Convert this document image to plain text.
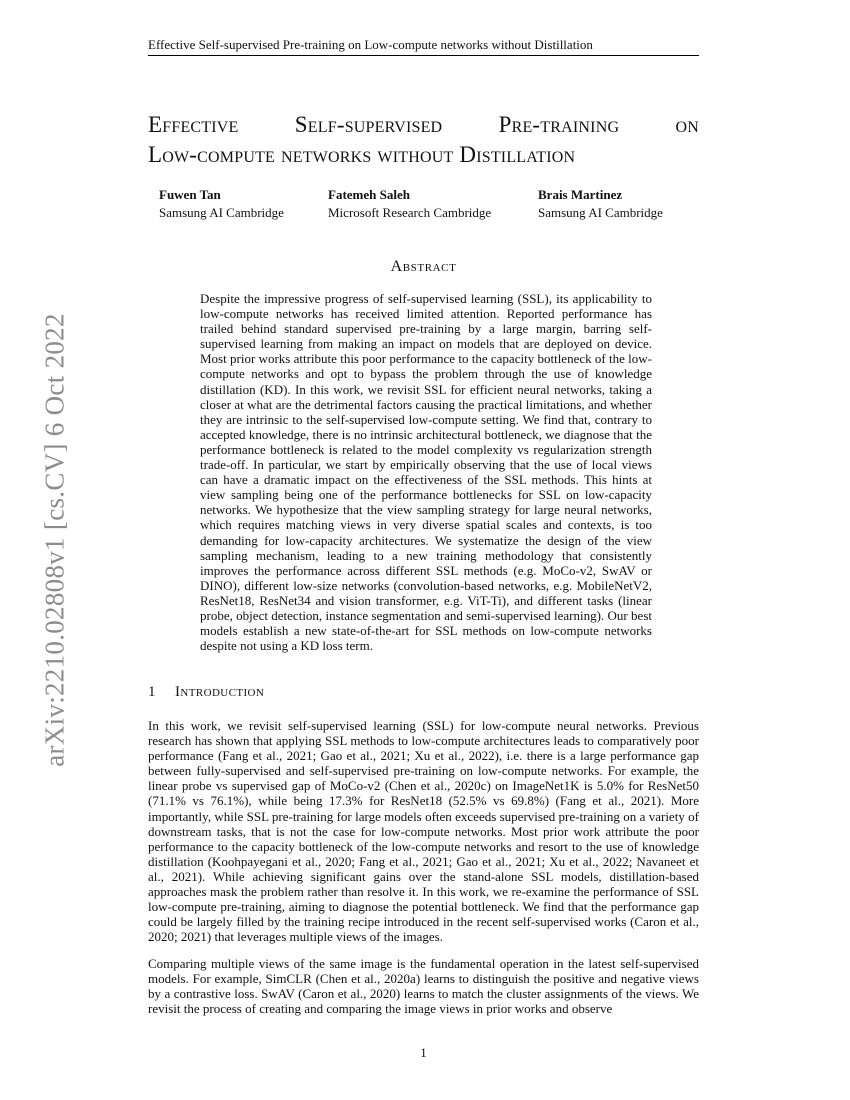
Effective Self-supervised Pre-training on Low-compute networks without Distillation
Effective Self-supervised Pre-training on
Low-compute networks without Distillation
Fuwen Tan
Samsung AI Cambridge
Fatemeh Saleh
Microsoft Research Cambridge
Brais Martinez
Samsung AI Cambridge
arXiv:2210.02808v1 [cs.CV] 6 Oct 2022
Abstract

Despite the impressive progress of self-supervised learning (SSL), its applicability to low-compute networks has received limited attention. Reported performance has trailed behind standard supervised pre-training by a large margin, barring self-supervised learning from making an impact on models that are deployed on device. Most prior works attribute this poor performance to the capacity bottleneck of the low-compute networks and opt to bypass the problem through the use of knowledge distillation (KD). In this work, we revisit SSL for efficient neural networks, taking a closer at what are the detrimental factors causing the practical limitations, and whether they are intrinsic to the self-supervised low-compute setting. We find that, contrary to accepted knowledge, there is no intrinsic architectural bottleneck, we diagnose that the performance bottleneck is related to the model complexity vs regularization strength trade-off. In particular, we start by empirically observing that the use of local views can have a dramatic impact on the effectiveness of the SSL methods. This hints at view sampling being one of the performance bottlenecks for SSL on low-capacity networks. We hypothesize that the view sampling strategy for large neural networks, which requires matching views in very diverse spatial scales and contexts, is too demanding for low-capacity architectures. We systematize the design of the view sampling mechanism, leading to a new training methodology that consistently improves the performance across different SSL methods (e.g. MoCo-v2, SwAV or DINO), different low-size networks (convolution-based networks, e.g. MobileNetV2, ResNet18, ResNet34 and vision transformer, e.g. ViT-Ti), and different tasks (linear probe, object detection, instance segmentation and semi-supervised learning). Our best models establish a new state-of-the-art for SSL methods on low-compute networks despite not using a KD loss term.

1 Introduction

In this work, we revisit self-supervised learning (SSL) for low-compute neural networks. Previous research has shown that applying SSL methods to low-compute architectures leads to comparatively poor performance (Fang et al., 2021; Gao et al., 2021; Xu et al., 2022), i.e. there is a large performance gap between fully-supervised and self-supervised pre-training on low-compute networks. For example, the linear probe vs supervised gap of MoCo-v2 (Chen et al., 2020c) on ImageNet1K is 5.0% for ResNet50 (71.1% vs 76.1%), while being 17.3% for ResNet18 (52.5% vs 69.8%) (Fang et al., 2021). More importantly, while SSL pre-training for large models often exceeds supervised pre-training on a variety of downstream tasks, that is not the case for low-compute networks. Most prior work attribute the poor performance to the capacity bottleneck of the low-compute networks and resort to the use of knowledge distillation (Koohpayegani et al., 2020; Fang et al., 2021; Gao et al., 2021; Xu et al., 2022; Navaneet et al., 2021). While achieving significant gains over the stand-alone SSL models, distillation-based approaches mask the problem rather than resolve it. In this work, we re-examine the performance of SSL low-compute pre-training, aiming to diagnose the potential bottleneck. We find that the performance gap could be largely filled by the training recipe introduced in the recent self-supervised works (Caron et al., 2020; 2021) that leverages multiple views of the images.

Comparing multiple views of the same image is the fundamental operation in the latest self-supervised models. For example, SimCLR (Chen et al., 2020a) learns to distinguish the positive and negative views by a contrastive loss. SwAV (Caron et al., 2020) learns to match the cluster assignments of the views. We revisit the process of creating and comparing the image views in prior works and observe

1
